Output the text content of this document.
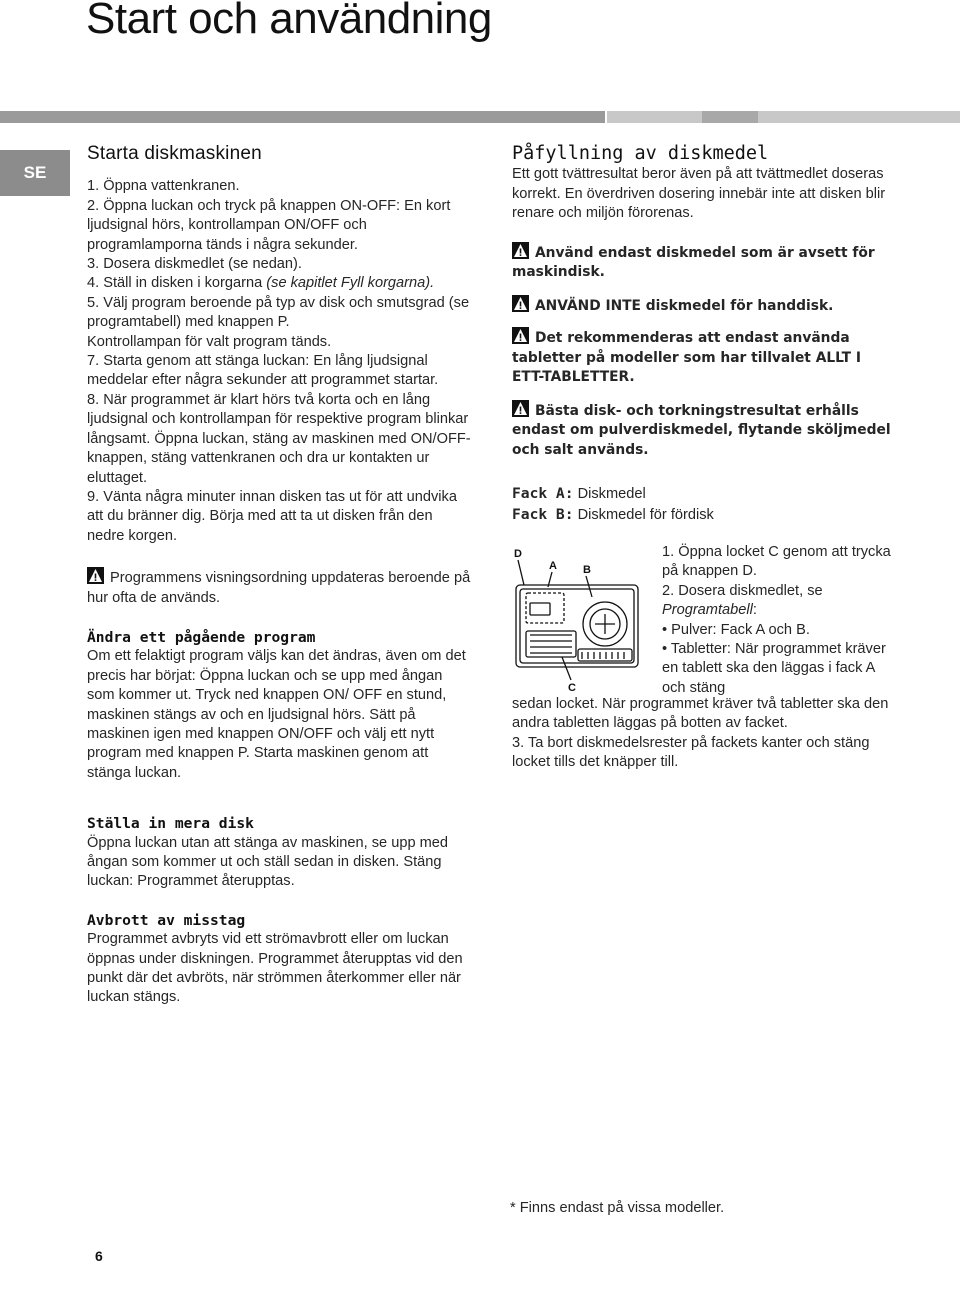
Start och användning
SE
Starta diskmaskinen

1. Öppna vattenkranen.

2. Öppna luckan och tryck på knappen ON-OFF: En kort ljudsignal hörs, kontrollampan ON/OFF och programlamporna tänds i några sekunder.

3. Dosera diskmedlet (se nedan).

4. Ställ in disken i korgarna (se kapitlet Fyll korgarna).

5. Välj program beroende på typ av disk och smutsgrad (se programtabell) med knappen P.

Kontrollampan för valt program tänds.

7. Starta genom att stänga luckan: En lång ljudsignal meddelar efter några sekunder att programmet startar.

8. När programmet är klart hörs två korta och en lång ljudsignal och kontrollampan för respektive program blinkar långsamt. Öppna luckan, stäng av maskinen med ON/OFF-knappen, stäng vattenkranen och dra ur kontakten ur eluttaget.

9. Vänta några minuter innan disken tas ut för att undvika att du bränner dig. Börja med att ta ut disken från den nedre korgen.

Programmens visningsordning uppdateras beroende på hur ofta de används.

Ändra ett pågående program

Om ett felaktigt program väljs kan det ändras, även om det precis har börjat: Öppna luckan och se upp med ångan som kommer ut. Tryck ned knappen ON/ OFF en stund, maskinen stängs av och en ljudsignal hörs. Sätt på maskinen igen med knappen ON/OFF och välj ett nytt program med knappen P. Starta maskinen genom att stänga luckan.

Ställa in mera disk

Öppna luckan utan att stänga av maskinen, se upp med ångan som kommer ut och ställ sedan in disken. Stäng luckan: Programmet återupptas.

Avbrott av misstag

Programmet avbryts vid ett strömavbrott eller om luckan öppnas under diskningen. Programmet återupptas vid den punkt där det avbröts, när strömmen återkommer eller när luckan stängs.

Påfyllning av diskmedel

Ett gott tvättresultat beror även på att tvättmedlet doseras korrekt. En överdriven dosering innebär inte att disken blir renare och miljön förorenas.

Använd endast diskmedel som är avsett för maskindisk.

ANVÄND INTE diskmedel för handdisk.

Det rekommenderas att endast använda tabletter på modeller som har tillvalet ALLT I ETT-TABLETTER.

Bästa disk- och torkningstresultat erhålls endast om pulverdiskmedel, flytande sköljmedel och salt används.

Fack A: Diskmedel

Fack B: Diskmedel för fördisk

D
A B
C

1. Öppna locket C genom att trycka på knappen D.

2. Dosera diskmedlet, se Programtabell:

• Pulver: Fack A och B.

• Tabletter: När programmet kräver en tablett ska den läggas i fack A och stäng

sedan locket. När programmet kräver två tabletter ska den andra tabletten läggas på botten av facket.

3. Ta bort diskmedelsrester på fackets kanter och stäng locket tills det knäpper till.

* Finns endast på vissa modeller.
6
